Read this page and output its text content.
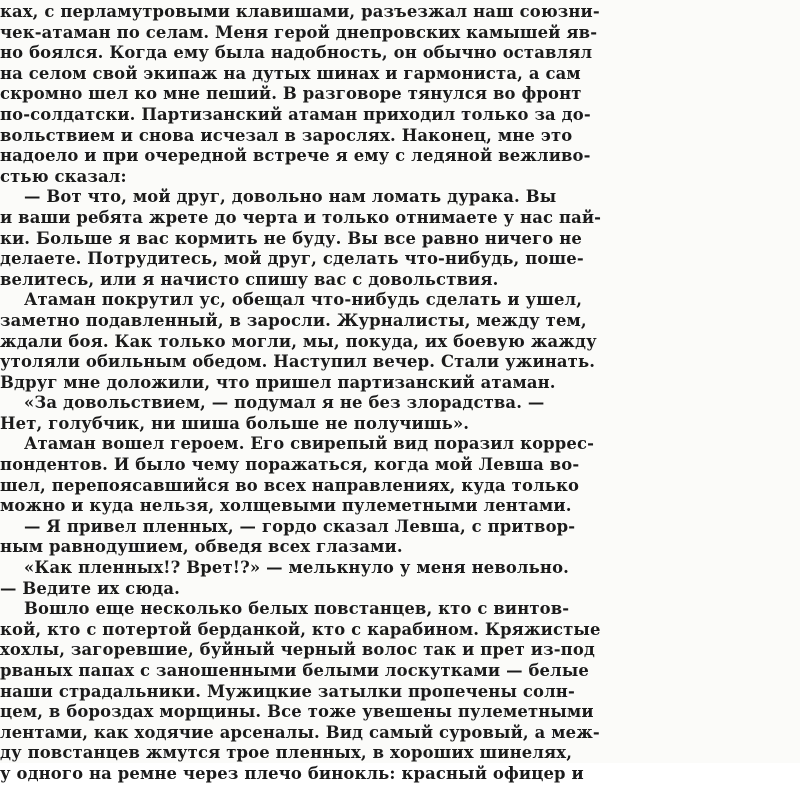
ках, с перламутровыми клавишами, разъезжал наш союзни-
чек-атаман по селам. Меня герой днепровских камышей яв-
но боялся. Когда ему была надобность, он обычно оставлял
на селом свой экипаж на дутых шинах и гармониста, а сам
скромно шел ко мне пеший. В разговоре тянулся во фронт
по-солдатски. Партизанский атаман приходил только за до-
вольствием и снова исчезал в зарослях. Наконец, мне это
надоело и при очередной встрече я ему с ледяной вежливо-
стью сказал:
— Вот что, мой друг, довольно нам ломать дурака. Вы
и ваши ребята жрете до черта и только отнимаете у нас пай-
ки. Больше я вас кормить не буду. Вы все равно ничего не
делаете. Потрудитесь, мой друг, сделать что-нибудь, поше-
велитесь, или я начисто спишу вас с довольствия.
Атаман покрутил ус, обещал что-нибудь сделать и ушел,
заметно подавленный, в заросли. Журналисты, между тем,
ждали боя. Как только могли, мы, покуда, их боевую жажду
утоляли обильным обедом. Наступил вечер. Стали ужинать.
Вдруг мне доложили, что пришел партизанский атаман.
«За довольствием, — подумал я не без злорадства. —
Нет, голубчик, ни шиша больше не получишь».
Атаман вошел героем. Его свирепый вид поразил коррес-
пондентов. И было чему поражаться, когда мой Левша во-
шел, перепоясавшийся во всех направлениях, куда только
можно и куда нельзя, холщевыми пулеметными лентами.
— Я привел пленных, — гордо сказал Левша, с притвор-
ным равнодушием, обведя всех глазами.
«Как пленных!? Врет!?» — мелькнуло у меня невольно.
— Ведите их сюда.
Вошло еще несколько белых повстанцев, кто с винтов-
кой, кто с потертой берданкой, кто с карабином. Кряжистые
хохлы, загоревшие, буйный черный волос так и прет из-под
рваных папах с заношенными белыми лоскутками — белые
наши страдальники. Мужицкие затылки пропечены солн-
цем, в бороздах морщины. Все тоже увешены пулеметными
лентами, как ходячие арсеналы. Вид самый суровый, а меж-
ду повстанцев жмутся трое пленных, в хороших шинелях,
у одного на ремне через плечо бинокль: красный офицер и
